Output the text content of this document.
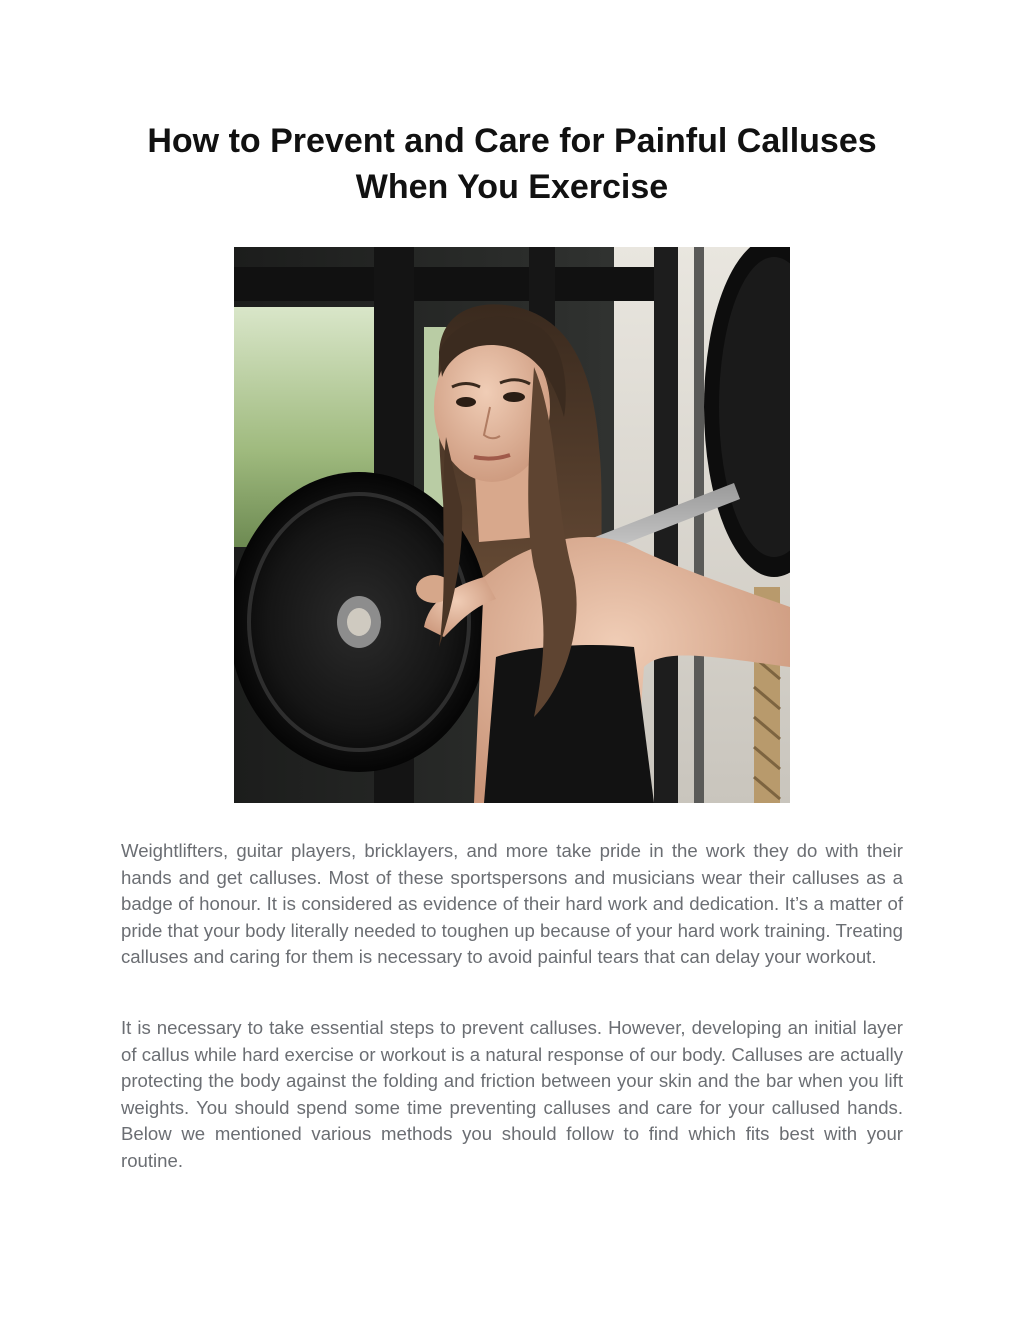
How to Prevent and Care for Painful Calluses When You Exercise

Weightlifters, guitar players, bricklayers, and more take pride in the work they do with their hands and get calluses. Most of these sportspersons and musicians wear their calluses as a badge of honour. It is considered as evidence of their hard work and dedication. It’s a matter of pride that your body literally needed to toughen up because of your hard work training. Treating calluses and caring for them is necessary to avoid painful tears that can delay your workout.

It is necessary to take essential steps to prevent calluses. However, developing an initial layer of callus while hard exercise or workout is a natural response of our body. Calluses are actually protecting the body against the folding and friction between your skin and the bar when you lift weights. You should spend some time preventing calluses and care for your callused hands. Below we mentioned various methods you should follow to find which fits best with your routine.
